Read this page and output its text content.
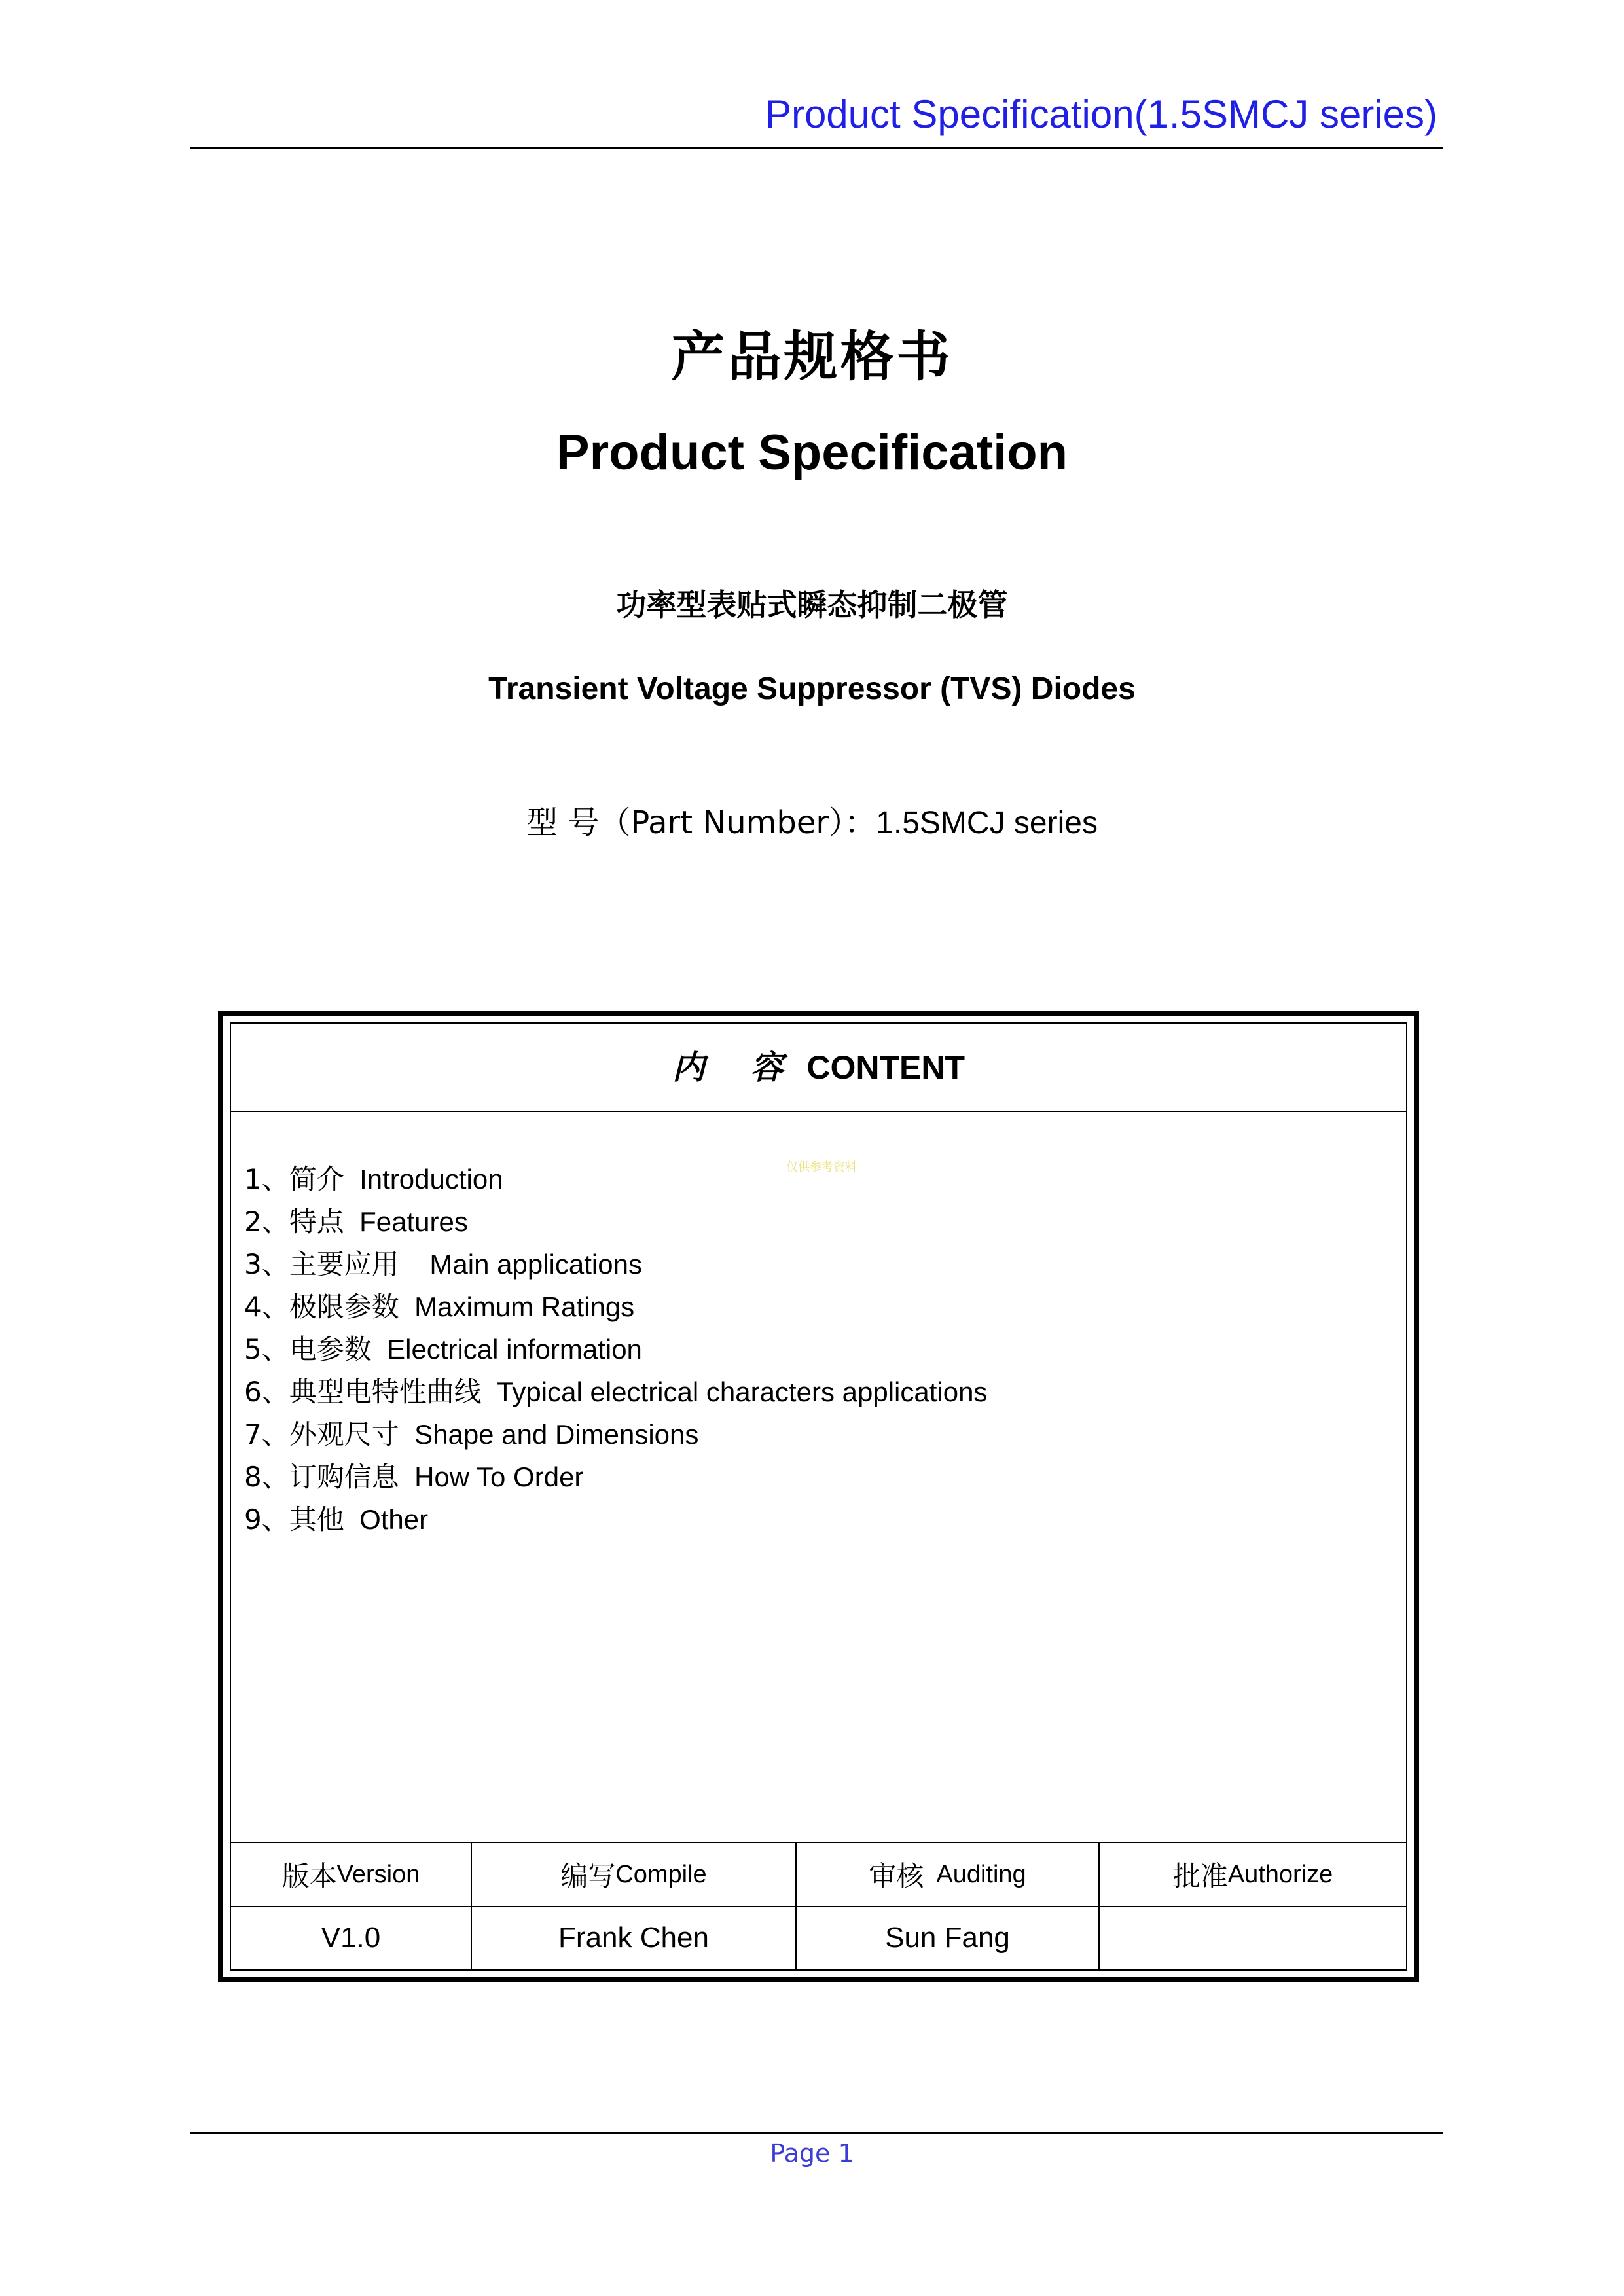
Product Specification(1.5SMCJ series)
产品规格书
Product Specification
功率型表贴式瞬态抑制二极管
Transient Voltage Suppressor (TVS) Diodes
型 号（Part Number）：1.5SMCJ series
内 容 CONTENT
仅供参考资料
1、简介 Introduction
2、特点 Features
3、主要应用    Main applications
4、极限参数 Maximum Ratings
5、电参数 Electrical information
6、典型电特性曲线 Typical electrical characters applications
7、外观尺寸 Shape and Dimensions
8、订购信息 How To Order
9、其他 Other
版本 Version	编写 Compile	审核 Auditing	批准 Authorize
V1.0	Frank Chen	Sun Fang
Page 1
